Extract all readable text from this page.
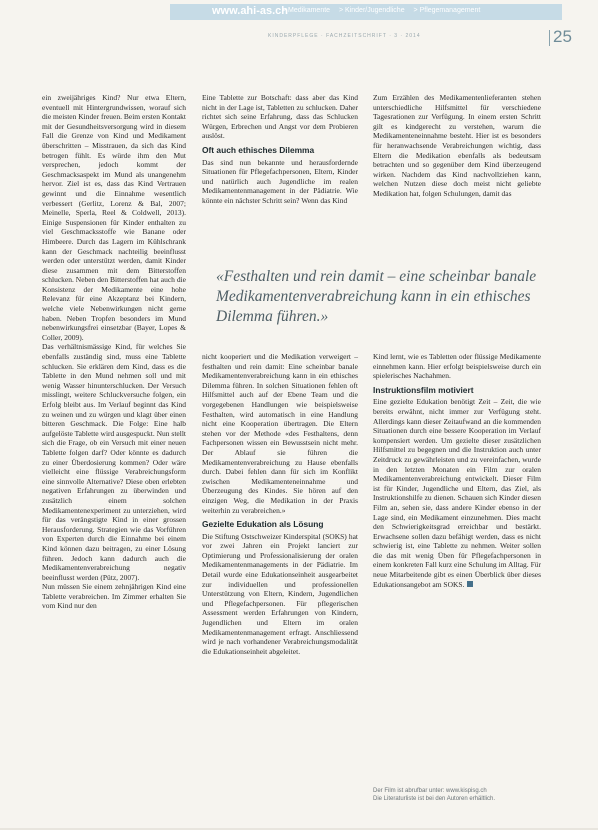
www.ahi-as.ch
> Medikamente > Kinder/Jugendliche > Pflegemanagement
KINDERPFLEGE · FACHZEITSCHRIFT · 3 · 2014	25

ein zweijähriges Kind? Nur etwa Eltern, eventuell mit Hintergrundwissen, worauf sich die meisten Kinder freuen. Beim ersten Kontakt mit der Gesundheitsversorgung wird in diesem Fall die Grenze von Kind und Medikament überschritten – Misstrauen, da sich das Kind betrogen fühlt. Es würde ihm den Mut versprechen, jedoch kommt der Geschmacksaspekt im Mund als unangenehm hervor. Ziel ist es, dass das Kind Vertrauen gewinnt und die Einnahme wesentlich verbessert (Gerlitz, Lorenz & Bal, 2007; Meinelle, Sperla, Reel & Coldwell, 2013). Einige Suspensionen für Kinder enthalten zu viel Geschmacksstoffe wie Banane oder Himbeere. Durch das Lagern im Kühlschrank kann der Geschmack nachteilig beeinflusst werden oder unterstützt werden, damit Kinder diese zusammen mit dem Bitterstoffen schlucken. Neben den Bitterstoffen hat auch die Konsistenz der Medikamente eine hohe Relevanz für eine Akzeptanz bei Kindern, welche viele Nebenwirkungen nicht gerne haben. Neben Tropfen besonders im Mund nebenwirkungsfrei einsetzbar (Bayer, Lopes & Coller, 2009).

Das verhältnismässige Kind, für welches Sie ebenfalls zuständig sind, muss eine Tablette schlucken. Sie erklären dem Kind, dass es die Tablette in den Mund nehmen soll und mit wenig Wasser hinunterschlucken. Der Versuch misslingt, weitere Schluckversuche folgen, ein Erfolg bleibt aus. Im Verlauf beginnt das Kind zu weinen und zu würgen und klagt über einen bitteren Geschmack. Die Folge: Eine halb aufgelöste Tablette wird ausgespuckt. Nun stellt sich die Frage, ob ein Versuch mit einer neuen Tablette folgen darf? Oder könnte es dadurch zu einer Überdosierung kommen? Oder wäre vielleicht eine flüssige Verabreichungsform eine sinnvolle Alternative? Diese oben erlebten negativen Erfahrungen zu überwinden und zusätzlich einem solchen Medikamentenexperiment zu unterziehen, wird für das verängstigte Kind in einer grossen Herausforderung. Strategien wie das Vorführen von Experten durch die Einnahme bei einem Kind können dazu beitragen, zu einer Lösung führen. Jedoch kann dadurch auch die Medikamentenverabreichung negativ beeinflusst werden (Pütz, 2007).

Nun müssen Sie einem zehnjährigen Kind eine Tablette verabreichen. Im Zimmer erhalten Sie vom Kind nur den

Eine Tablette zur Botschaft: dass aber das Kind nicht in der Lage ist, Tabletten zu schlucken. Daher richtet sich seine Erfahrung, dass das Schlucken Würgen, Erbrechen und Angst vor dem Probieren auslöst.

Oft auch ethisches Dilemma

Das sind nun bekannte und herausfordernde Situationen für Pflegefachpersonen, Eltern, Kinder und natürlich auch Jugendliche im realen Medikamentenmanagement in der Pädiatrie. Wie könnte ein nächster Schritt sein? Wenn das Kind

Zum Erzählen des Medikamentenlieferanten stehen unterschiedliche Hilfsmittel für verschiedene Tagesrationen zur Verfügung. In einem ersten Schritt gilt es kindgerecht zu verstehen, warum die Medikamenteneinnahme besteht. Hier ist es besonders für heranwachsende Verabreichungen wichtig, dass Eltern die Medikation ebenfalls als bedeutsam betrachten und so gegenüber dem Kind überzeugend wirken. Nachdem das Kind nachvollziehen kann, welchen Nutzen diese doch meist nicht geliebte Medikation hat, folgen Schulungen, damit das

«Festhalten und rein damit – eine scheinbar banale Medikamentenverabreichung kann in ein ethisches Dilemma führen.»

nicht kooperiert und die Medikation verweigert – festhalten und rein damit: Eine scheinbar banale Medikamentenverabreichung kann in ein ethisches Dilemma führen. In solchen Situationen fehlen oft Hilfsmittel auch auf der Ebene Team und die vorgegebenen Handlungen wie beispielsweise Festhalten, wird automatisch in eine Handlung nicht eine Kooperation übertragen. Die Eltern stehen vor der Methode «des Festhaltens, denn Fachpersonen wissen ein Bewusstsein nicht mehr. Der Ablauf sie führen die Medikamentenverabreichung zu Hause ebenfalls durch. Dabei fehlen dann für sich im Konflikt zwischen Medikamenteneinnahme und Überzeugung des Kindes. Sie hören auf den einzigen Weg, die Medikation in der Praxis weiterhin zu verabreichen.»

Gezielte Edukation als Lösung

Die Stiftung Ostschweizer Kinderspital (SOKS) hat vor zwei Jahren ein Projekt lanciert zur Optimierung und Professionalisierung der oralen Medikamentenmanagements in der Pädiatrie. Im Detail wurde eine Edukationseinheit ausgearbeitet zur individuellen und professionellen Unterstützung von Eltern, Kindern, Jugendlichen und Pflegefachpersonen. Für pflegerischen Assessment werden Erfahrungen von Kindern, Jugendlichen und Eltern im oralen Medikamentenmanagement erfragt. Anschliessend wird je nach vorhandener Verabreichungsmodalität die Edukationseinheit abgeleitet.

Kind lernt, wie es Tabletten oder flüssige Medikamente einnehmen kann. Hier erfolgt beispielsweise durch ein spielerisches Nachahmen.

Instruktionsfilm motiviert

Eine gezielte Edukation benötigt Zeit – Zeit, die wie bereits erwähnt, nicht immer zur Verfügung steht. Allerdings kann dieser Zeitaufwand an die kommenden Situationen durch eine bessere Kooperation im Verlauf kompensiert werden. Um gezielte dieser zusätzlichen Hilfsmittel zu begegnen und die Instruktion auch unter Zeitdruck zu gewährleisten und zu vereinfachen, wurde in den letzten Monaten ein Film zur oralen Medikamentenverabreichung entwickelt. Dieser Film ist für Kinder, Jugendliche und Eltern, das Ziel, als Instruktionshilfe zu dienen. Schauen sich Kinder diesen Film an, sehen sie, dass andere Kinder ebenso in der Lage sind, ein Medikament einzunehmen. Dies macht den Schwierigkeitsgrad erreichbar und bestärkt. Erwachsene sollen dazu befähigt werden, dass es nicht schwierig ist, eine Tablette zu nehmen. Weiter sollen die das mit wenig Üben für Pflegefachpersonen in einem konkreten Fall kurz eine Schulung im Alltag. Für neue Mitarbeitende gibt es einen Überblick über dieses Edukationsangebot am SOKS.

Der Film ist abrufbar unter: www.kispisg.ch
Die Literaturliste ist bei den Autoren erhältlich.
